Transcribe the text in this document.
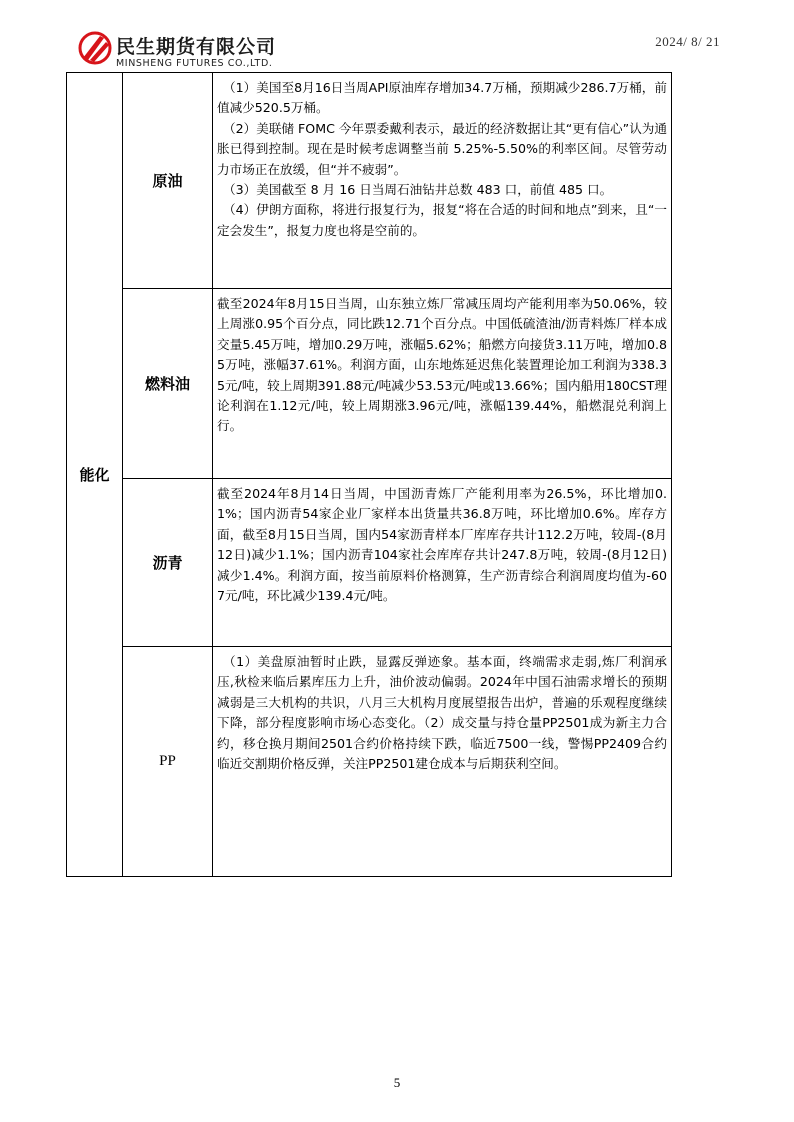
民生期货有限公司
MINSHENG FUTURES CO.,LTD.
2024/ 8/ 21
能化	原油	（1）美国至8月16日当周API原油库存增加34.7万桶，预期减少286.7万桶，前值减少520.5万桶。

（2）美联储 FOMC 今年票委戴利表示，最近的经济数据让其“更有信心”认为通胀已得到控制。现在是时候考虑调整当前 5.25%-5.50%的利率区间。尽管劳动力市场正在放缓，但“并不疲弱”。

（3）美国截至 8 月 16 日当周石油钻井总数 483 口，前值 485 口。

（4）伊朗方面称，将进行报复行为，报复“将在合适的时间和地点”到来，且“一定会发生”，报复力度也将是空前的。

	燃料油	截至2024年8月15日当周，山东独立炼厂常减压周均产能利用率为50.06%，较上周涨0.95个百分点，同比跌12.71个百分点。中国低硫渣油/沥青料炼厂样本成交量5.45万吨，增加0.29万吨，涨幅5.62%；船燃方向接货3.11万吨，增加0.85万吨，涨幅37.61%。利润方面，山东地炼延迟焦化装置理论加工利润为338.35元/吨，较上周期391.88元/吨减少53.53元/吨或13.66%；国内船用180CST理论利润在1.12元/吨，较上周期涨3.96元/吨，涨幅139.44%，船燃混兑利润上行。

	沥青	截至2024年8月14日当周，中国沥青炼厂产能利用率为26.5%，环比增加0.1%；国内沥青54家企业厂家样本出货量共36.8万吨，环比增加0.6%。库存方面，截至8月15日当周，国内54家沥青样本厂库库存共计112.2万吨，较周-(8月12日)减少1.1%；国内沥青104家社会库库存共计247.8万吨，较周-(8月12日)减少1.4%。利润方面，按当前原料价格测算，生产沥青综合利润周度均值为-607元/吨，环比减少139.4元/吨。

	PP	（1）美盘原油暂时止跌，显露反弹迹象。基本面，终端需求走弱,炼厂利润承压,秋检来临后累库压力上升，油价波动偏弱。2024年中国石油需求增长的预期减弱是三大机构的共识，八月三大机构月度展望报告出炉，普遍的乐观程度继续下降，部分程度影响市场心态变化。（2）成交量与持仓量PP2501成为新主力合约，移仓换月期间2501合约价格持续下跌，临近7500一线，警惕PP2409合约临近交割期价格反弹，关注PP2501建仓成本与后期获利空间。

5
